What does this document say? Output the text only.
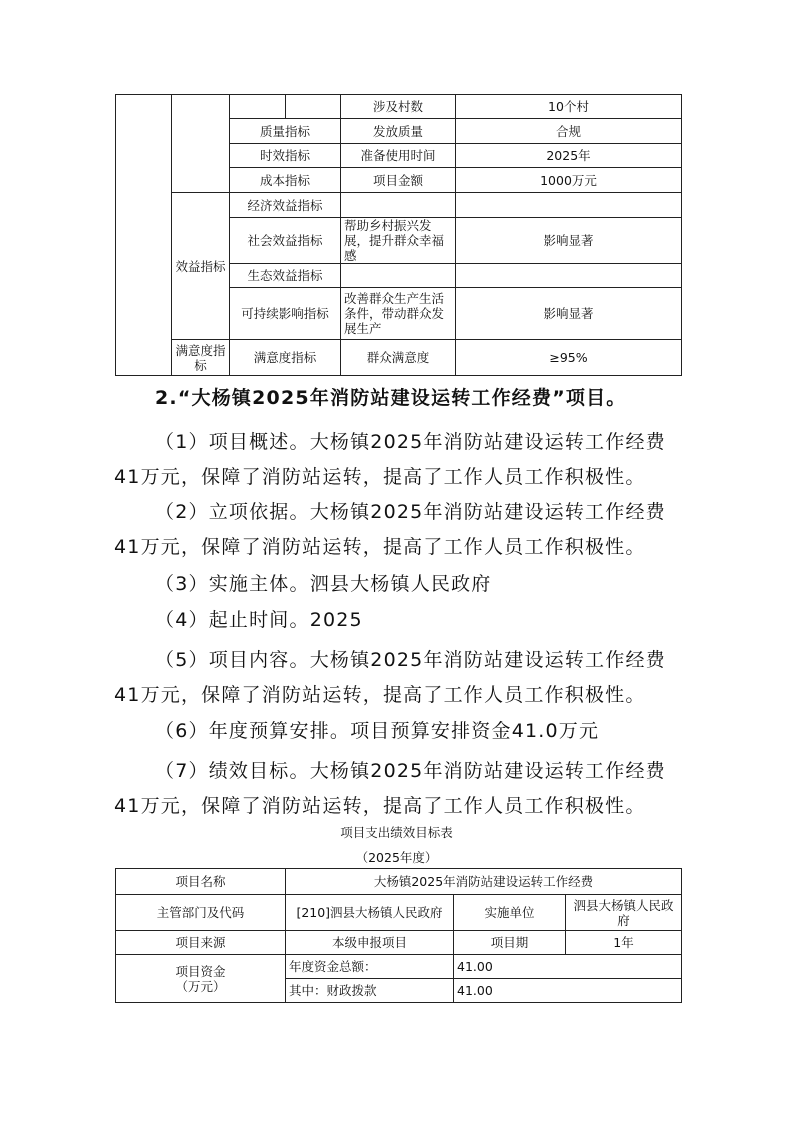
				涉及村数	10个村
		质量指标		发放质量	合规
		时效指标		准备使用时间	2025年
		成本指标		项目金额	1000万元
	效益指标	经济效益指标			
		社会效益指标		帮助乡村振兴发展，提升群众幸福感	影响显著
		生态效益指标			
		可持续影响指标		改善群众生产生活条件，带动群众发展生产	影响显著
	满意度指标	满意度指标		群众满意度	≥95%
2.“大杨镇2025年消防站建设运转工作经费”项目。
（1）项目概述。大杨镇2025年消防站建设运转工作经费
41万元，保障了消防站运转，提高了工作人员工作积极性。
（2）立项依据。大杨镇2025年消防站建设运转工作经费
41万元，保障了消防站运转，提高了工作人员工作积极性。
（3）实施主体。泗县大杨镇人民政府
（4）起止时间。2025
（5）项目内容。大杨镇2025年消防站建设运转工作经费
41万元，保障了消防站运转，提高了工作人员工作积极性。
（6）年度预算安排。项目预算安排资金41.0万元
（7）绩效目标。大杨镇2025年消防站建设运转工作经费
41万元，保障了消防站运转，提高了工作人员工作积极性。
项目支出绩效目标表
（2025年度）
项目名称	大杨镇2025年消防站建设运转工作经费		
主管部门及代码	[210]泗县大杨镇人民政府	实施单位	泗县大杨镇人民政府
项目来源	本级申报项目	项目期	1年
项目资金（万元）	年度资金总额：	41.00	
	其中：财政拨款	41.00	
